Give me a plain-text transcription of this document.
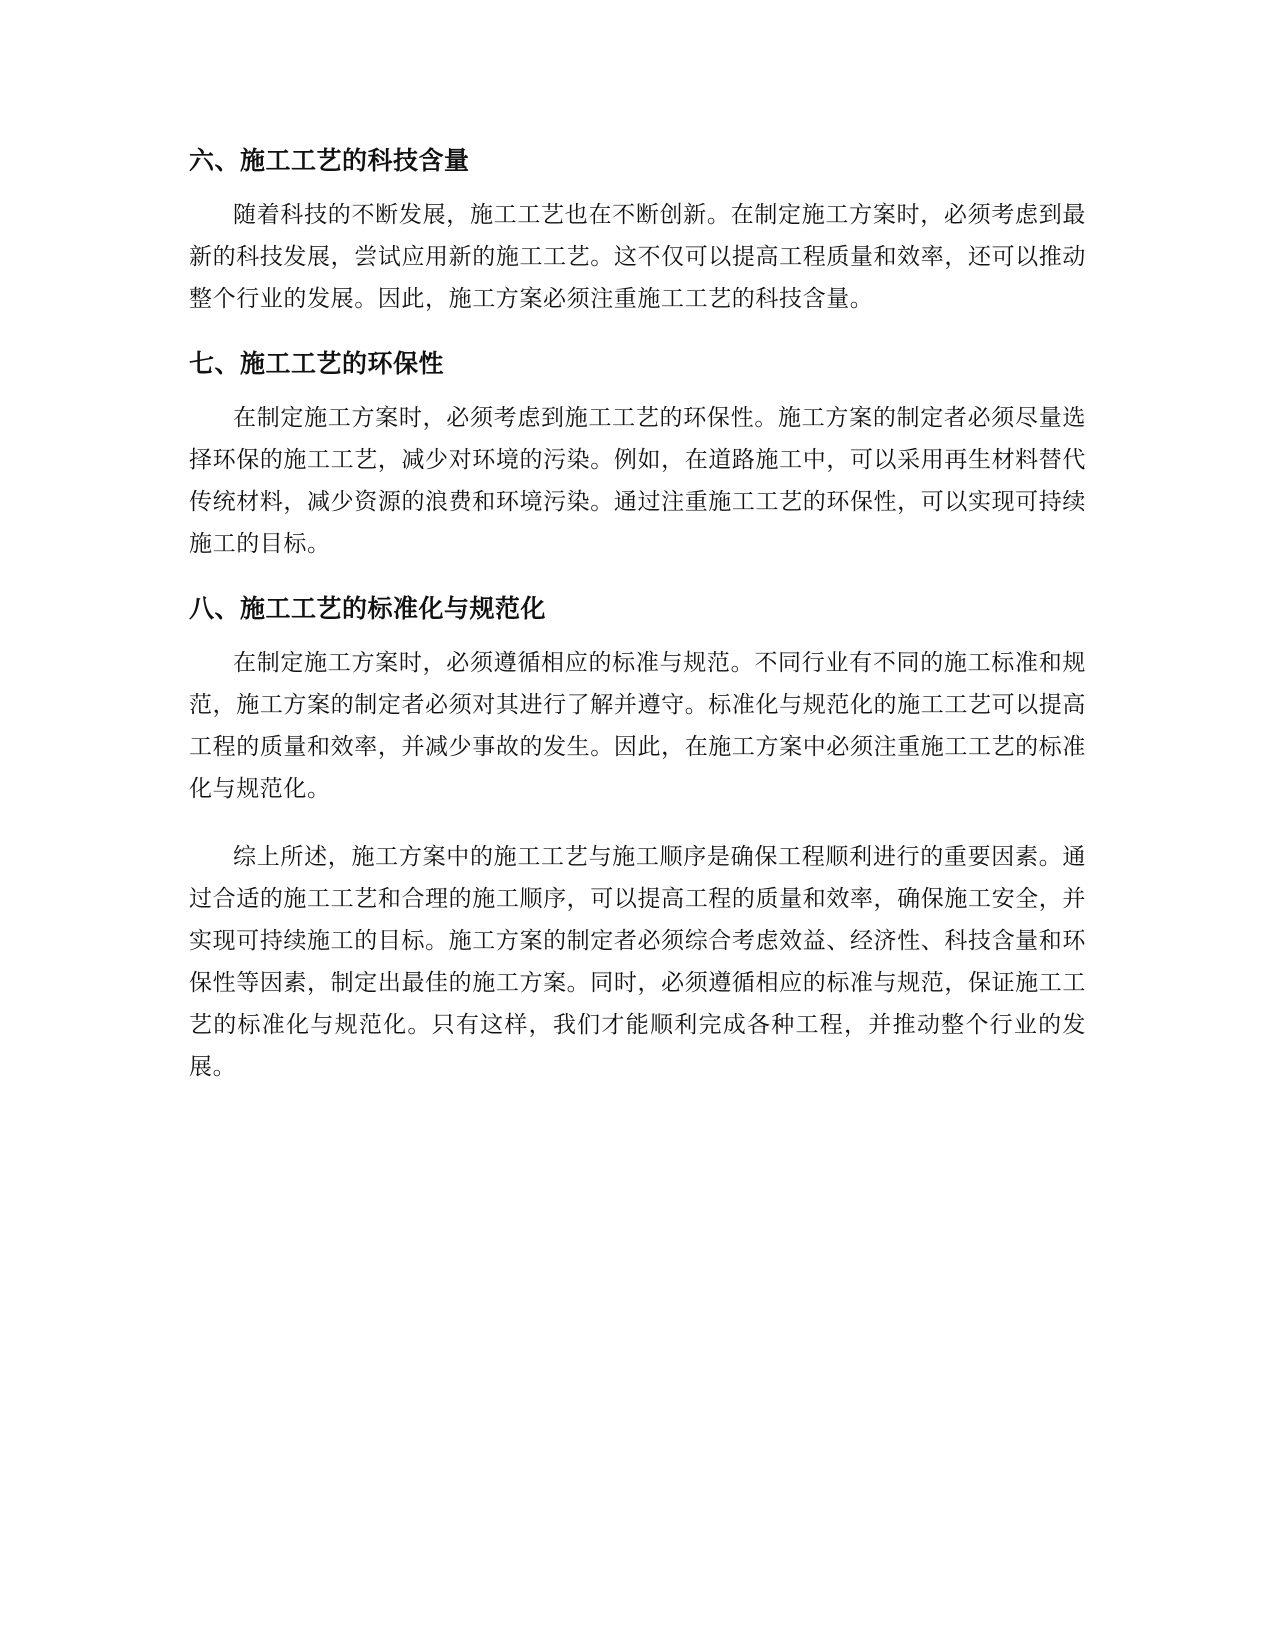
六、施工工艺的科技含量

随着科技的不断发展，施工工艺也在不断创新。在制定施工方案时，必须考虑到最新的科技发展，尝试应用新的施工工艺。这不仅可以提高工程质量和效率，还可以推动整个行业的发展。因此，施工方案必须注重施工工艺的科技含量。

七、施工工艺的环保性

在制定施工方案时，必须考虑到施工工艺的环保性。施工方案的制定者必须尽量选择环保的施工工艺，减少对环境的污染。例如，在道路施工中，可以采用再生材料替代传统材料，减少资源的浪费和环境污染。通过注重施工工艺的环保性，可以实现可持续施工的目标。

八、施工工艺的标准化与规范化

在制定施工方案时，必须遵循相应的标准与规范。不同行业有不同的施工标准和规范，施工方案的制定者必须对其进行了解并遵守。标准化与规范化的施工工艺可以提高工程的质量和效率，并减少事故的发生。因此，在施工方案中必须注重施工工艺的标准化与规范化。

综上所述，施工方案中的施工工艺与施工顺序是确保工程顺利进行的重要因素。通过合适的施工工艺和合理的施工顺序，可以提高工程的质量和效率，确保施工安全，并实现可持续施工的目标。施工方案的制定者必须综合考虑效益、经济性、科技含量和环保性等因素，制定出最佳的施工方案。同时，必须遵循相应的标准与规范，保证施工工艺的标准化与规范化。只有这样，我们才能顺利完成各种工程，并推动整个行业的发展。
